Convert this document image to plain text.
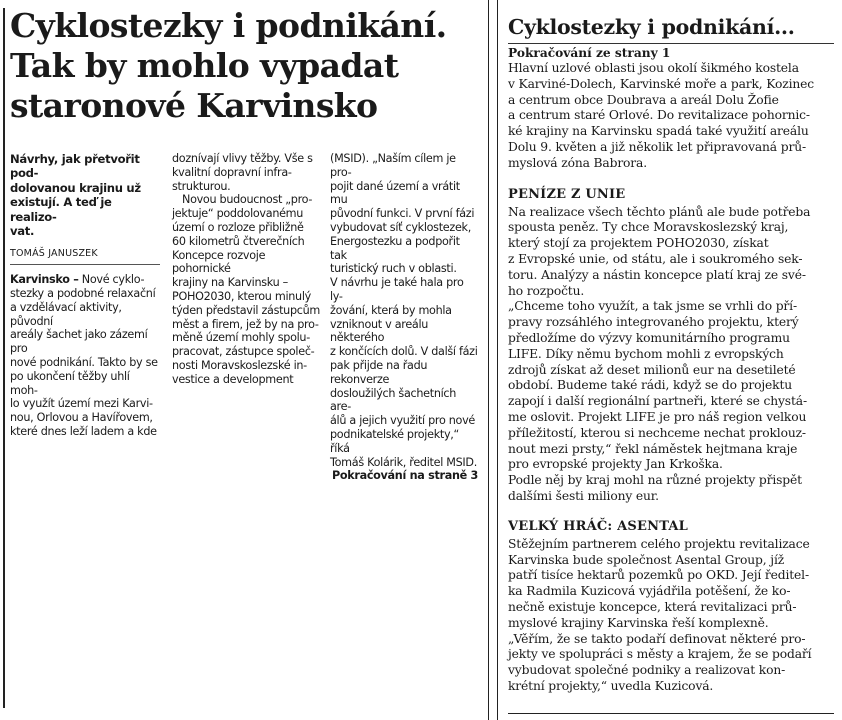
Cyklostezky i podnikání.
Tak by mohlo vypadat
staronové Karvinsko

Návrhy, jak přetvořit pod-
dolovanou krajinu už
existují. A teď je realizo-
vat.

TOMÁŠ JANUSZEK

Karvinsko – Nové cyklo-
stezky a podobné relaxační
a vzdělávací aktivity, původní
areály šachet jako zázemí pro
nové podnikání. Takto by se
po ukončení těžby uhlí moh-
lo využít území mezi Karvi-
nou, Orlovou a Havířovem,
které dnes leží ladem a kde

doznívají vlivy těžby. Vše s
kvalitní dopravní infra-
strukturou.
Novou budoucnost „pro-
jektuje“ poddolovanému
území o rozloze přibližně
60 kilometrů čtverečních
Koncepce rozvoje pohornické
krajiny na Karvinsku –
POHO2030, kterou minulý
týden představil zástupcům
měst a firem, jež by na pro-
měně území mohly spolu-
pracovat, zástupce společ-
nosti Moravskoslezské in-
vestice a development

(MSID). „Naším cílem je pro-
pojit dané území a vrátit mu
původní funkci. V první fázi
vybudovat síť cyklostezek,
Energostezku a podpořit tak
turistický ruch v oblasti.
V návrhu je také hala pro ly-
žování, která by mohla
vzniknout v areálu některého
z končících dolů. V další fázi
pak přijde na řadu rekonverze
dosloužilých šachetních are-
álů a jejich využití pro nové
podnikatelské projekty,“ říká
Tomáš Kolárik, ředitel MSID.

Pokračování na straně 3

Cyklostezky i podnikání...

Pokračování ze strany 1

Hlavní uzlové oblasti jsou okolí šikmého kostela
v Karviné-Dolech, Karvinské moře a park, Kozinec
a centrum obce Doubrava a areál Dolu Žofie
a centrum staré Orlové. Do revitalizace pohornic-
ké krajiny na Karvinsku spadá také využití areálu
Dolu 9. květen a již několik let připravovaná prů-
myslová zóna Babrora.

PENÍZE Z UNIE

Na realizace všech těchto plánů ale bude potřeba
spousta peněz. Ty chce Moravskoslezský kraj,
který stojí za projektem POHO2030, získat
z Evropské unie, od státu, ale i soukromého sek-
toru. Analýzy a nástin koncepce platí kraj ze své-
ho rozpočtu.
„Chceme toho využít, a tak jsme se vrhli do pří-
pravy rozsáhlého integrovaného projektu, který
předložíme do výzvy komunitárního programu
LIFE. Díky němu bychom mohli z evropských
zdrojů získat až deset milionů eur na desetileté
období. Budeme také rádi, když se do projektu
zapojí i další regionální partneři, které se chystá-
me oslovit. Projekt LIFE je pro náš region velkou
příležitostí, kterou si nechceme nechat proklouz-
nout mezi prsty,“ řekl náměstek hejtmana kraje
pro evropské projekty Jan Krkoška.
Podle něj by kraj mohl na různé projekty přispět
dalšími šesti miliony eur.

VELKÝ HRÁČ: ASENTAL

Stěžejním partnerem celého projektu revitalizace
Karvinska bude společnost Asental Group, jíž
patří tisíce hektarů pozemků po OKD. Její ředitel-
ka Radmila Kuzicová vyjádřila potěšení, že ko-
nečně existuje koncepce, která revitalizaci prů-
myslové krajiny Karvinska řeší komplexně.
„Věřím, že se takto podaří definovat některé pro-
jekty ve spolupráci s městy a krajem, že se podaří
vybudovat společné podniky a realizovat kon-
krétní projekty,“ uvedla Kuzicová.
